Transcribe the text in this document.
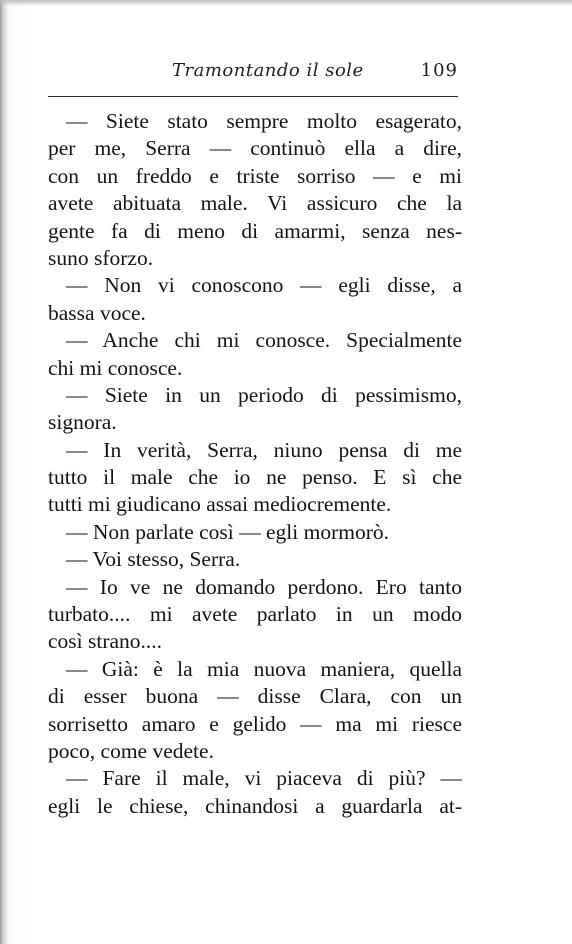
Tramontando il sole	109
— Siete stato sempre molto esagerato,
per me, Serra — continuò ella a dire,
con un freddo e triste sorriso — e mi
avete abituata male. Vi assicuro che la
gente fa di meno di amarmi, senza nes-
suno sforzo.
— Non vi conoscono — egli disse, a
bassa voce.
— Anche chi mi conosce. Specialmente
chi mi conosce.
— Siete in un periodo di pessimismo,
signora.
— In verità, Serra, niuno pensa di me
tutto il male che io ne penso. E sì che
tutti mi giudicano assai mediocremente.
— Non parlate così — egli mormorò.
— Voi stesso, Serra.
— Io ve ne domando perdono. Ero tanto
turbato.... mi avete parlato in un modo
così strano....
— Già: è la mia nuova maniera, quella
di esser buona — disse Clara, con un
sorrisetto amaro e gelido — ma mi riesce
poco, come vedete.
— Fare il male, vi piaceva di più? —
egli le chiese, chinandosi a guardarla at-
